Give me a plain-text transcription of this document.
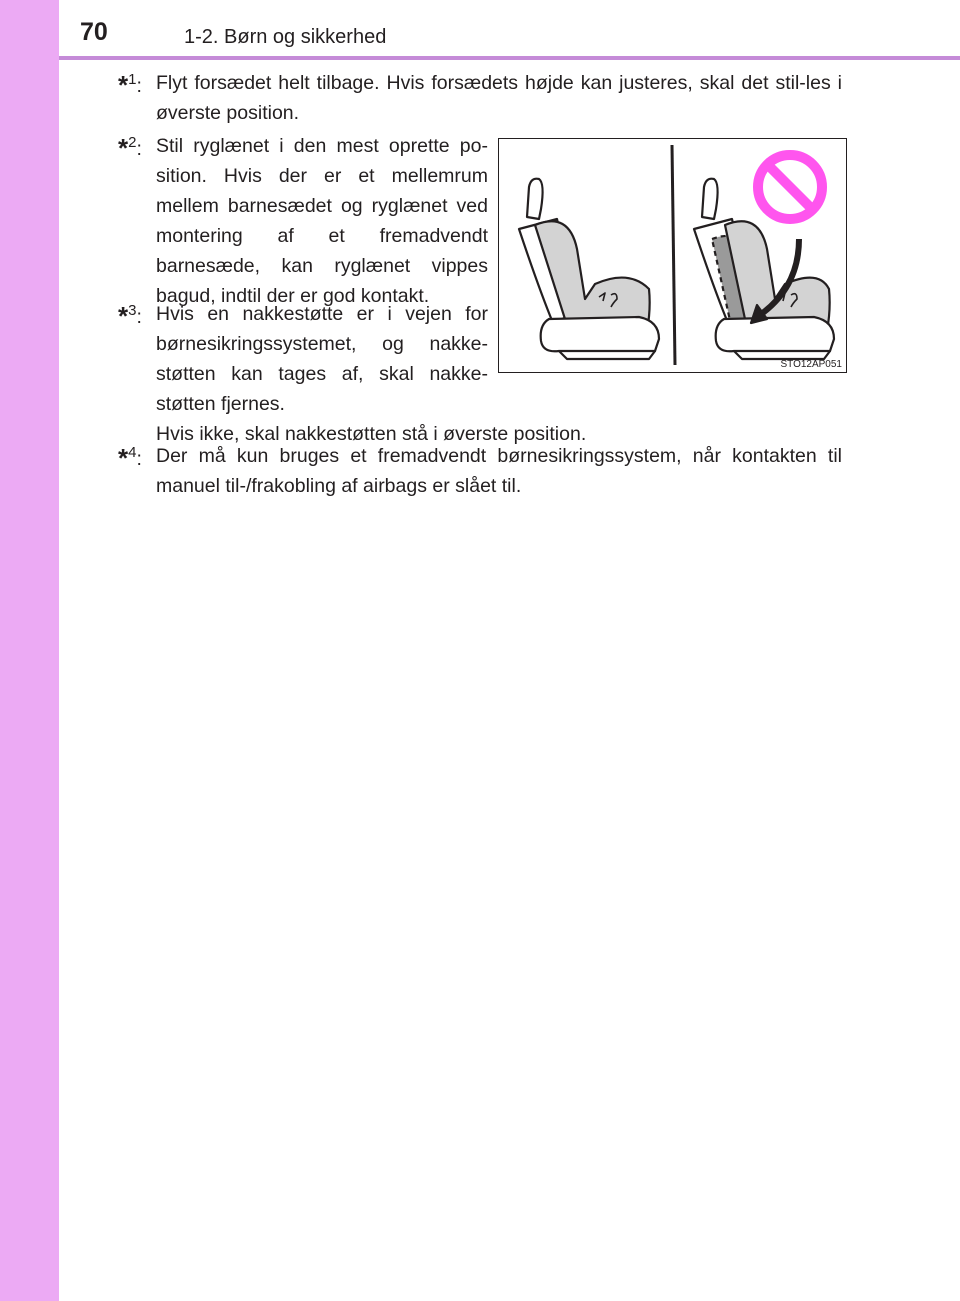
70	1-2. Børn og sikkerhed
*$^1$: Flyt forsædet helt tilbage. Hvis forsædets højde kan justeres, skal det stil-les i øverste position.

*$^2$: Stil ryglænet i den mest oprette po-sition. Hvis der er et mellemrum mellem barnesædet og ryglænet ved montering af et fremadvendt barnesæde, kan ryglænet vippes bagud, indtil der er god kontakt.

*$^3$: Hvis en nakkestøtte er i vejen for børnesikringssystemet, og nakke-støtten kan tages af, skal nakke-støtten fjernes.

Hvis ikke, skal nakkestøtten stå i øverste position.

*$^4$: Der må kun bruges et fremadvendt børnesikringssystem, når kontakten til manuel til-/frakobling af airbags er slået til.

STO12AP051
